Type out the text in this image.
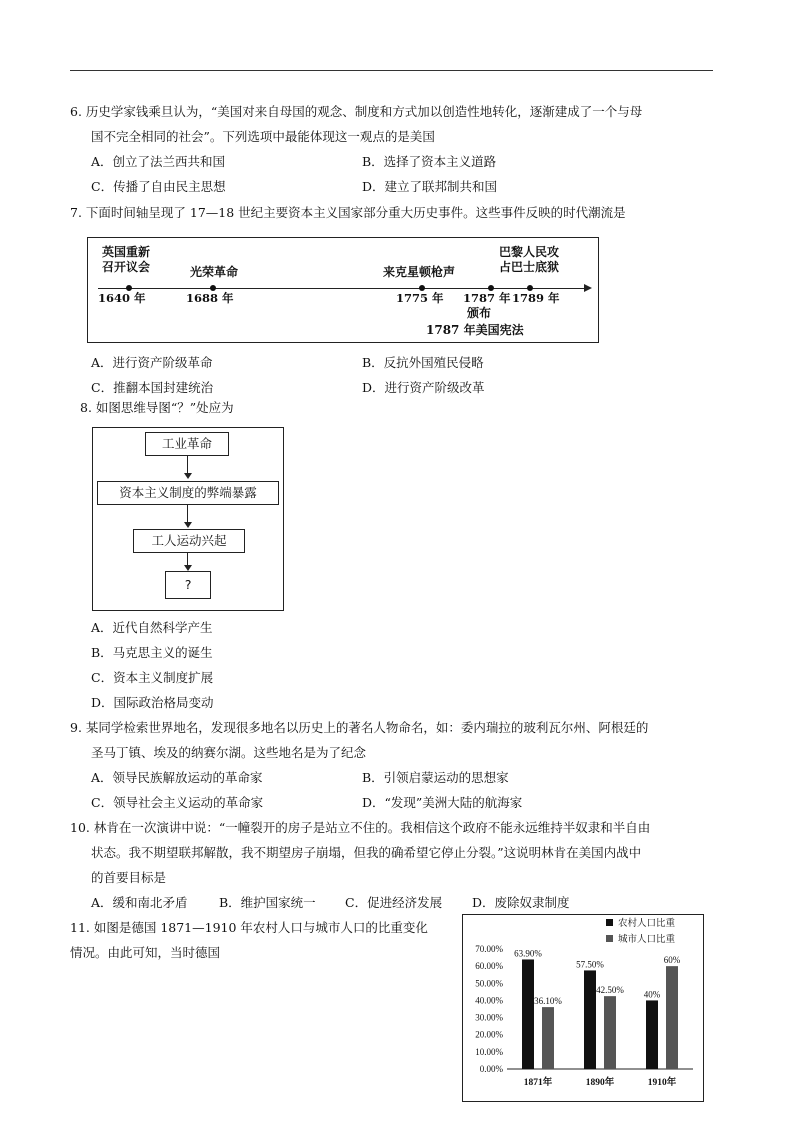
6. 历史学家钱乘旦认为，“美国对来自母国的观念、制度和方式加以创造性地转化，逐渐建成了一个与母
国不完全相同的社会”。下列选项中最能体现这一观点的是美国
A．创立了法兰西共和国	B．选择了资本主义道路
C．传播了自由民主思想	D．建立了联邦制共和国
7. 下面时间轴呈现了 17—18 世纪主要资本主义国家部分重大历史事件。这些事件反映的时代潮流是
英国重新
召开议会
1640 年
光荣革命
1688 年
来克星顿枪声
1775 年 1787 年
巴黎人民攻
占巴士底狱
1789 年
颁布
1787 年美国宪法
A．进行资产阶级革命	B．反抗外国殖民侵略
C．推翻本国封建统治	D．进行资产阶级改革
8. 如图思维导图“？”处应为
工业革命
资本主义制度的弊端暴露
工人运动兴起
?
A．近代自然科学产生
B．马克思主义的诞生
C．资本主义制度扩展
D．国际政治格局变动
9. 某同学检索世界地名，发现很多地名以历史上的著名人物命名，如：委内瑞拉的玻利瓦尔州、阿根廷的
圣马丁镇、埃及的纳赛尔湖。这些地名是为了纪念
A．领导民族解放运动的革命家	B．引领启蒙运动的思想家
C．领导社会主义运动的革命家	D．“发现”美洲大陆的航海家
10. 林肯在一次演讲中说：“一幢裂开的房子是站立不住的。我相信这个政府不能永远维持半奴隶和半自由
状态。我不期望联邦解散，我不期望房子崩塌，但我的确希望它停止分裂。”这说明林肯在美国内战中
的首要目标是
A．缓和南北矛盾	B．维护国家统一 C．促进经济发展 D．废除奴隶制度
11. 如图是德国 1871—1910 年农村人口与城市人口的比重变化
情况。由此可知，当时德国
0.00%
10.00%
20.00%
30.00%
40.00%
50.00%
60.00%
70.00% 63.90%
36.10%
1871年
57.50%
42.50%
1890年
40%
60%
1910年
农村人口比重
城市人口比重
